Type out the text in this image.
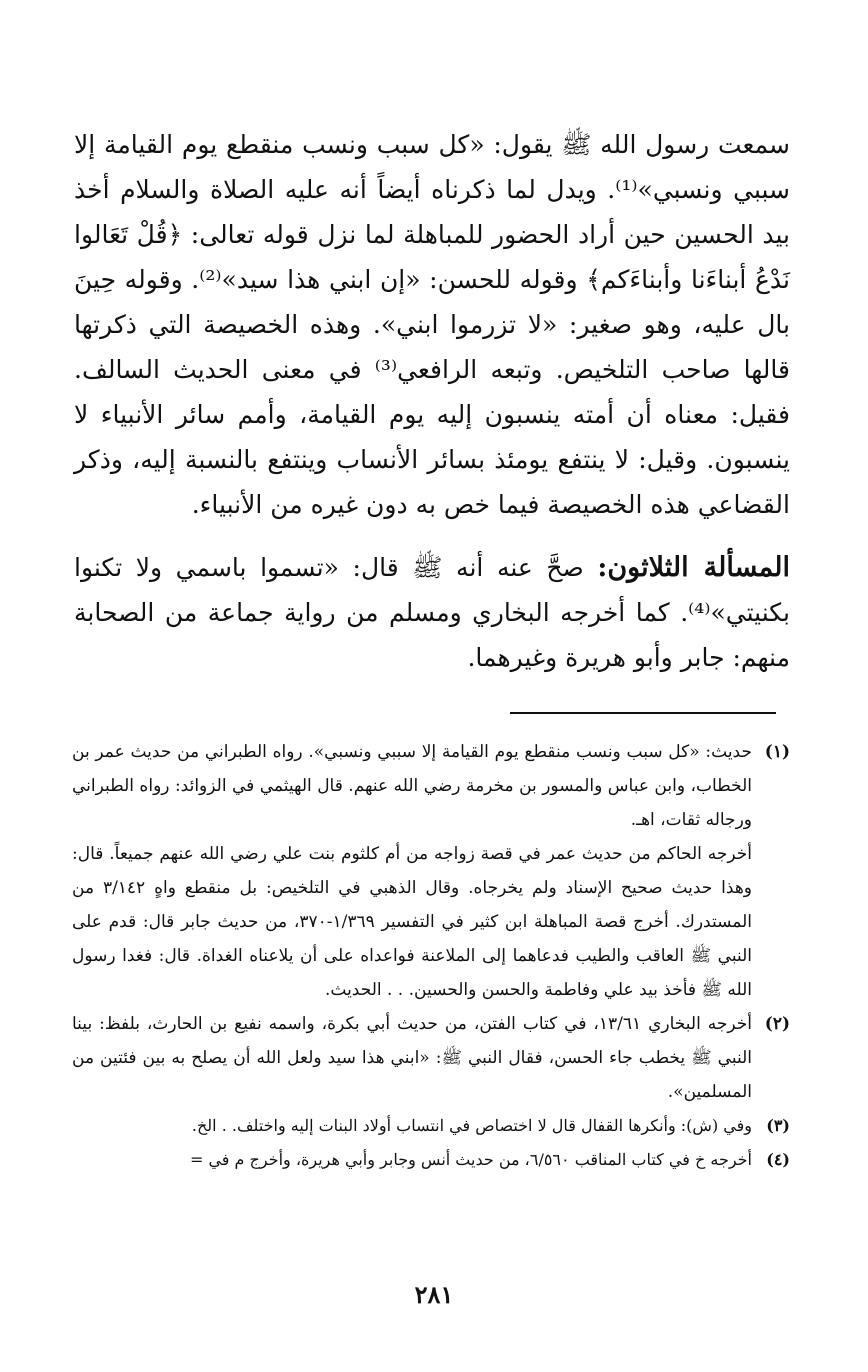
سمعت رسول الله ﷺ يقول: «كل سبب ونسب منقطع يوم القيامة إلا سببي ونسبي»⁽¹⁾. ويدل لما ذكرناه أيضاً أنه عليه الصلاة والسلام أخذ بيد الحسين حين أراد الحضور للمباهلة لما نزل قوله تعالى: ﴿قُلْ تَعَالوا نَدْعُ أبناءَنا وأبناءَكم﴾ وقوله للحسن: «إن ابني هذا سيد»⁽²⁾. وقوله حِينَ بال عليه، وهو صغير: «لا تزرموا ابني». وهذه الخصيصة التي ذكرتها قالها صاحب التلخيص. وتبعه الرافعي⁽³⁾ في معنى الحديث السالف. فقيل: معناه أن أمته ينسبون إليه يوم القيامة، وأمم سائر الأنبياء لا ينسبون. وقيل: لا ينتفع يومئذ بسائر الأنساب وينتفع بالنسبة إليه، وذكر القضاعي هذه الخصيصة فيما خص به دون غيره من الأنبياء.

المسألة الثلاثون: صحَّ عنه أنه ﷺ قال: «تسموا باسمي ولا تكنوا بكنيتي»⁽⁴⁾. كما أخرجه البخاري ومسلم من رواية جماعة من الصحابة منهم: جابر وأبو هريرة وغيرهما.

(١)

حديث: «كل سبب ونسب منقطع يوم القيامة إلا سببي ونسبي». رواه الطبراني من حديث عمر بن الخطاب، وابن عباس والمسور بن مخرمة رضي الله عنهم. قال الهيثمي في الزوائد: رواه الطبراني ورجاله ثقات، اهـ.

أخرجه الحاكم من حديث عمر في قصة زواجه من أم كلثوم بنت علي رضي الله عنهم جميعاً. قال: وهذا حديث صحيح الإسناد ولم يخرجاه. وقال الذهبي في التلخيص: بل منقطع واهٍ ٣/١٤٢ من المستدرك. أخرج قصة المباهلة ابن كثير في التفسير ١/٣٦٩-٣٧٠، من حديث جابر قال: قدم على النبي ﷺ العاقب والطيب فدعاهما إلى الملاعنة فواعداه على أن يلاعناه الغداة. قال: فغدا رسول الله ﷺ فأخذ بيد علي وفاطمة والحسن والحسين. . . الحديث.

(٢)

أخرجه البخاري ١٣/٦١، في كتاب الفتن، من حديث أبي بكرة، واسمه نفيع بن الحارث، بلفظ: بينا النبي ﷺ يخطب جاء الحسن، فقال النبي ﷺ: «ابني هذا سيد ولعل الله أن يصلح به بين فئتين من المسلمين».

(٣)

وفي (ش): وأنكرها القفال قال لا اختصاص في انتساب أولاد البنات إليه واختلف. . الخ.

(٤)

أخرجه خ في كتاب المناقب ٦/٥٦٠، من حديث أنس وجابر وأبي هريرة، وأخرج م في =

٢٨١
